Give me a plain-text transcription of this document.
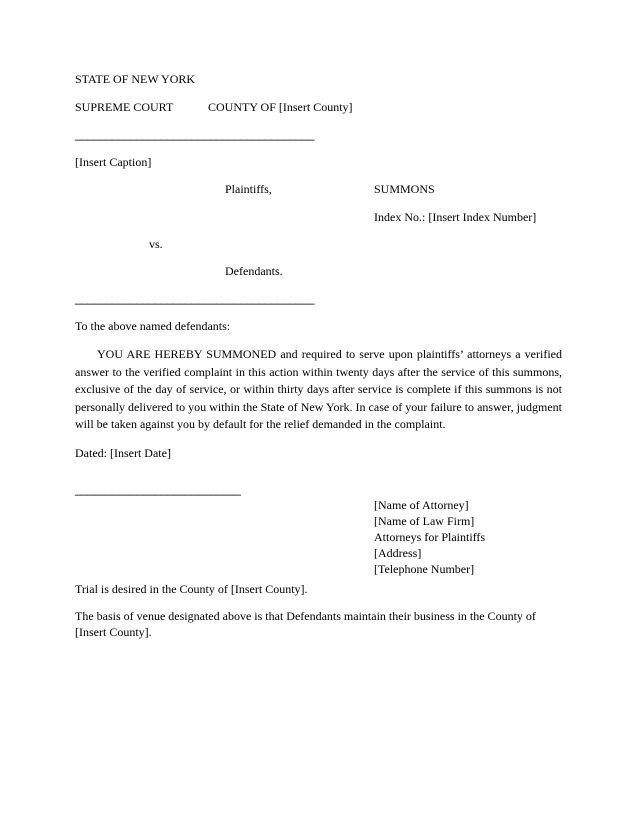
STATE OF NEW YORK
SUPREME COURT	COUNTY OF [Insert County]
_______________________________________
[Insert Caption]
Plaintiffs,	SUMMONS
Index No.: [Insert Index Number]
vs.
Defendants.
_______________________________________
To the above named defendants:
YOU ARE HEREBY SUMMONED and required to serve upon plaintiffs’ attorneys a verified answer to the verified complaint in this action within twenty days after the service of this summons, exclusive of the day of service, or within thirty days after service is complete if this summons is not personally delivered to you within the State of New York. In case of your failure to answer, judgment will be taken against you by default for the relief demanded in the complaint.
Dated: [Insert Date]
___________________________
[Name of Attorney]
[Name of Law Firm]
Attorneys for Plaintiffs
[Address]
[Telephone Number]
Trial is desired in the County of [Insert County].
The basis of venue designated above is that Defendants maintain their business in the County of [Insert County].
